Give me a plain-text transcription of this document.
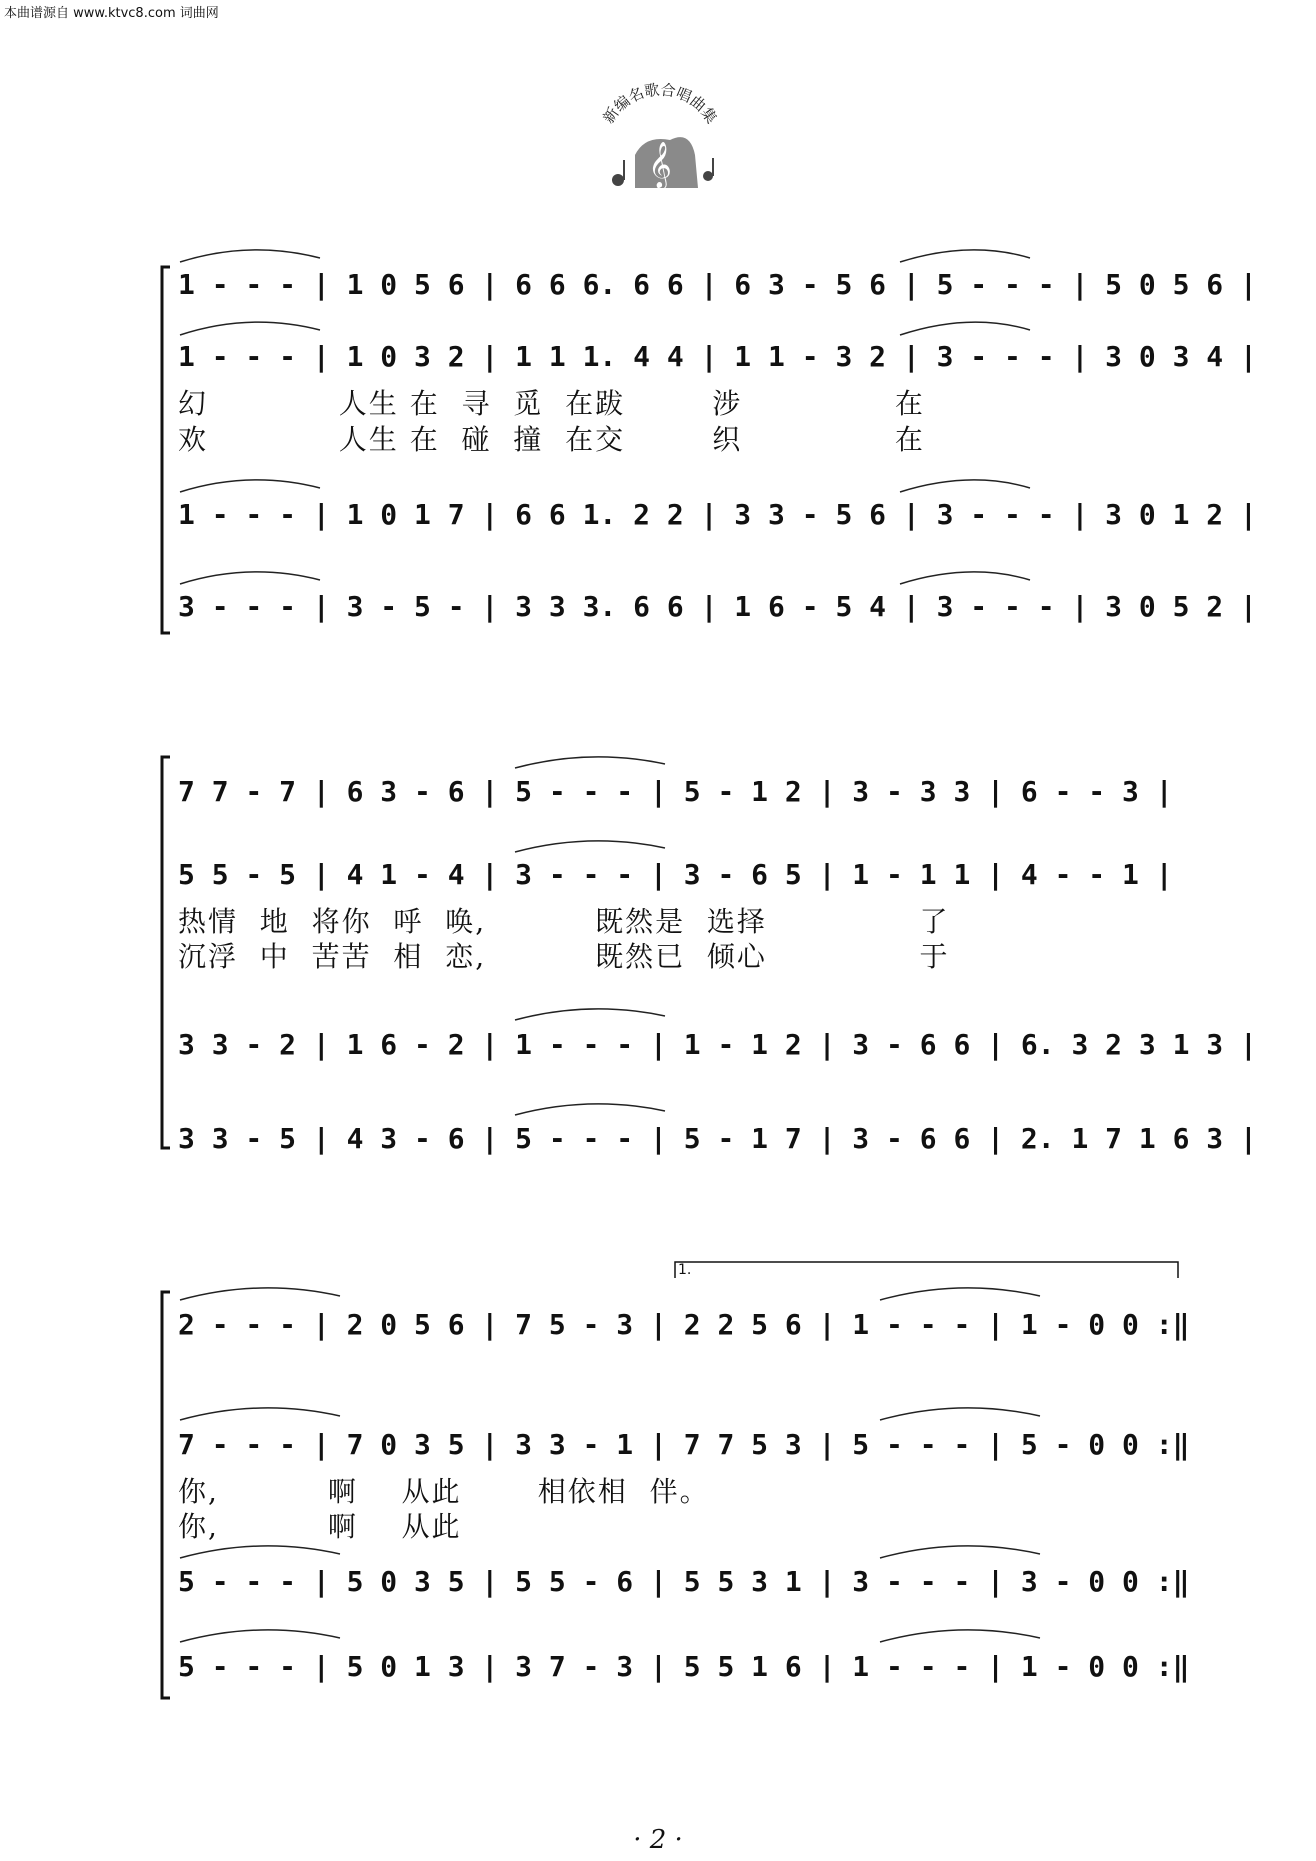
本曲谱源自 www.ktvc8.com 词曲网
𝄞
新编名歌合唱曲集
1 - - - | 1 0 5 6 | 6 6 6. 6 6 | 6 3 - 5 6 | 5 - - - | 5 0 5 6 |
1 - - - | 1 0 3 2 | 1 1 1. 4 4 | 1 1 - 3 2 | 3 - - - | 3 0 3 4 |
幻            人生 在  寻  觅  在跋        涉              在
欢            人生 在  碰  撞  在交        织              在
1 - - - | 1 0 1 7 | 6 6 1. 2 2 | 3 3 - 5 6 | 3 - - - | 3 0 1 2 |
3 - - - | 3 - 5 - | 3 3 3. 6 6 | 1 6 - 5 4 | 3 - - - | 3 0 5 2 |
7 7 - 7 | 6 3 - 6 | 5 - - - | 5 - 1 2 | 3 - 3 3 | 6 - - 3 |
5 5 - 5 | 4 1 - 4 | 3 - - - | 3 - 6 5 | 1 - 1 1 | 4 - - 1 |
热情  地  将你  呼  唤,          既然是  选择              了
沉浮  中  苦苦  相  恋,          既然已  倾心              于
3 3 - 2 | 1 6 - 2 | 1 - - - | 1 - 1 2 | 3 - 6 6 | 6. 3 2 3 1 3 |
3 3 - 5 | 4 3 - 6 | 5 - - - | 5 - 1 7 | 3 - 6 6 | 2. 1 7 1 6 3 |
1.
2 - - - | 2 0 5 6 | 7 5 - 3 | 2 2 5 6 | 1 - - - | 1 - 0 0 :‖
7 - - - | 7 0 3 5 | 3 3 - 1 | 7 7 5 3 | 5 - - - | 5 - 0 0 :‖
你,          啊    从此       相依相  伴。
你,          啊    从此
5 - - - | 5 0 3 5 | 5 5 - 6 | 5 5 3 1 | 3 - - - | 3 - 0 0 :‖
5 - - - | 5 0 1 3 | 3 7 - 3 | 5 5 1 6 | 1 - - - | 1 - 0 0 :‖
· 2 ·
